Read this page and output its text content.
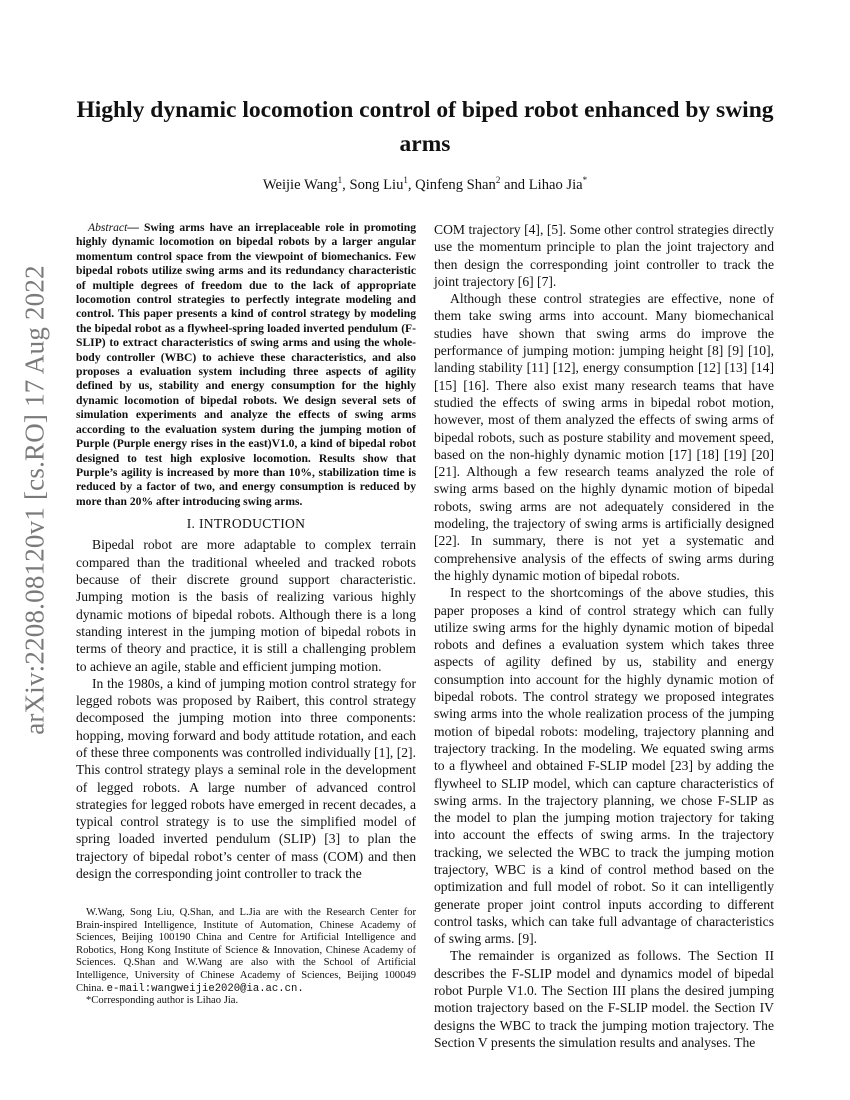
Highly dynamic locomotion control of biped robot enhanced by swing arms
Weijie Wang$^1$, Song Liu$^1$, Qinfeng Shan$^2$ and Lihao Jia*
arXiv:2208.08120v1 [cs.RO] 17 Aug 2022

Abstract— Swing arms have an irreplaceable role in promoting highly dynamic locomotion on bipedal robots by a larger angular momentum control space from the viewpoint of biomechanics. Few bipedal robots utilize swing arms and its redundancy characteristic of multiple degrees of freedom due to the lack of appropriate locomotion control strategies to perfectly integrate modeling and control. This paper presents a kind of control strategy by modeling the bipedal robot as a flywheel-spring loaded inverted pendulum (F-SLIP) to extract characteristics of swing arms and using the whole-body controller (WBC) to achieve these characteristics, and also proposes a evaluation system including three aspects of agility defined by us, stability and energy consumption for the highly dynamic locomotion of bipedal robots. We design several sets of simulation experiments and analyze the effects of swing arms according to the evaluation system during the jumping motion of Purple (Purple energy rises in the east)V1.0, a kind of bipedal robot designed to test high explosive locomotion. Results show that Purple’s agility is increased by more than 10%, stabilization time is reduced by a factor of two, and energy consumption is reduced by more than 20% after introducing swing arms.

I. INTRODUCTION

Bipedal robot are more adaptable to complex terrain compared than the traditional wheeled and tracked robots because of their discrete ground support characteristic. Jumping motion is the basis of realizing various highly dynamic motions of bipedal robots. Although there is a long standing interest in the jumping motion of bipedal robots in terms of theory and practice, it is still a challenging problem to achieve an agile, stable and efficient jumping motion.

In the 1980s, a kind of jumping motion control strategy for legged robots was proposed by Raibert, this control strategy decomposed the jumping motion into three components: hopping, moving forward and body attitude rotation, and each of these three components was controlled individually [1], [2]. This control strategy plays a seminal role in the development of legged robots. A large number of advanced control strategies for legged robots have emerged in recent decades, a typical control strategy is to use the simplified model of spring loaded inverted pendulum (SLIP) [3] to plan the trajectory of bipedal robot’s center of mass (COM) and then design the corresponding joint controller to track the

W.Wang, Song Liu, Q.Shan, and L.Jia are with the Research Center for Brain-inspired Intelligence, Institute of Automation, Chinese Academy of Sciences, Beijing 100190 China and Centre for Artificial Intelligence and Robotics, Hong Kong Institute of Science & Innovation, Chinese Academy of Sciences. Q.Shan and W.Wang are also with the School of Artificial Intelligence, University of Chinese Academy of Sciences, Beijing 100049 China. e-mail:wangweijie2020@ia.ac.cn.

*Corresponding author is Lihao Jia.

COM trajectory [4], [5]. Some other control strategies directly use the momentum principle to plan the joint trajectory and then design the corresponding joint controller to track the joint trajectory [6] [7].

Although these control strategies are effective, none of them take swing arms into account. Many biomechanical studies have shown that swing arms do improve the performance of jumping motion: jumping height [8] [9] [10], landing stability [11] [12], energy consumption [12] [13] [14] [15] [16]. There also exist many research teams that have studied the effects of swing arms in bipedal robot motion, however, most of them analyzed the effects of swing arms of bipedal robots, such as posture stability and movement speed, based on the non-highly dynamic motion [17] [18] [19] [20] [21]. Although a few research teams analyzed the role of swing arms based on the highly dynamic motion of bipedal robots, swing arms are not adequately considered in the modeling, the trajectory of swing arms is artificially designed [22]. In summary, there is not yet a systematic and comprehensive analysis of the effects of swing arms during the highly dynamic motion of bipedal robots.

In respect to the shortcomings of the above studies, this paper proposes a kind of control strategy which can fully utilize swing arms for the highly dynamic motion of bipedal robots and defines a evaluation system which takes three aspects of agility defined by us, stability and energy consumption into account for the highly dynamic motion of bipedal robots. The control strategy we proposed integrates swing arms into the whole realization process of the jumping motion of bipedal robots: modeling, trajectory planning and trajectory tracking. In the modeling. We equated swing arms to a flywheel and obtained F-SLIP model [23] by adding the flywheel to SLIP model, which can capture characteristics of swing arms. In the trajectory planning, we chose F-SLIP as the model to plan the jumping motion trajectory for taking into account the effects of swing arms. In the trajectory tracking, we selected the WBC to track the jumping motion trajectory, WBC is a kind of control method based on the optimization and full model of robot. So it can intelligently generate proper joint control inputs according to different control tasks, which can take full advantage of characteristics of swing arms. [9].

The remainder is organized as follows. The Section II describes the F-SLIP model and dynamics model of bipedal robot Purple V1.0. The Section III plans the desired jumping motion trajectory based on the F-SLIP model. the Section IV designs the WBC to track the jumping motion trajectory. The Section V presents the simulation results and analyses. The
